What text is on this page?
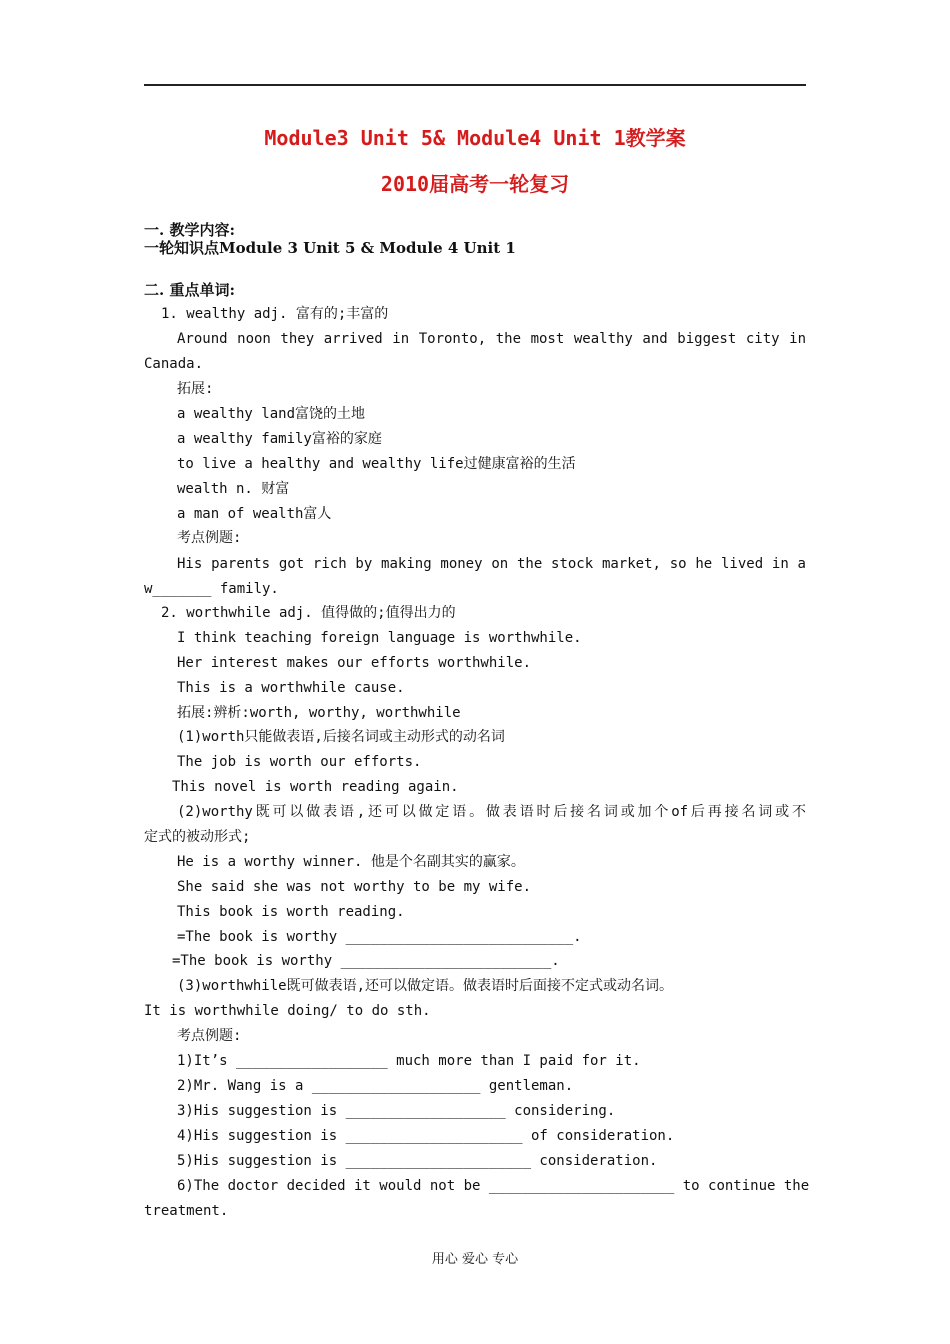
Module3 Unit 5& Module4 Unit 1教学案
2010届高考一轮复习
一. 教学内容:
一轮知识点Module 3 Unit 5 & Module 4 Unit 1
二. 重点单词:
1. wealthy adj. 富有的;丰富的
Around noon they arrived in Toronto, the most wealthy and biggest city in
Canada.
拓展:
a wealthy land富饶的土地
a wealthy family富裕的家庭
to live a healthy and wealthy life过健康富裕的生活
wealth n. 财富
a man of wealth富人
考点例题:
His parents got rich by making money on the stock market, so he lived in a
w_______ family.
2. worthwhile adj. 值得做的;值得出力的
I think teaching foreign language is worthwhile.
Her interest makes our efforts worthwhile.
This is a worthwhile cause.
拓展:辨析:worth, worthy, worthwhile
(1)worth只能做表语,后接名词或主动形式的动名词
The job is worth our efforts.
This novel is worth reading again.
(2)worthy既可以做表语,还可以做定语。做表语时后接名词或加个of后再接名词或不
定式的被动形式;
He is a worthy winner. 他是个名副其实的赢家。
She said she was not worthy to be my wife.
This book is worth reading.
=The book is worthy ___________________________.
=The book is worthy _________________________.
(3)worthwhile既可做表语,还可以做定语。做表语时后面接不定式或动名词。
It is worthwhile doing/ to do sth.
考点例题:
1)It’s __________________ much more than I paid for it.
2)Mr. Wang is a ____________________ gentleman.
3)His suggestion is ___________________ considering.
4)His suggestion is _____________________ of consideration.
5)His suggestion is ______________________ consideration.
6)The doctor decided it would not be ______________________ to continue the
treatment.
用心 爱心 专心
